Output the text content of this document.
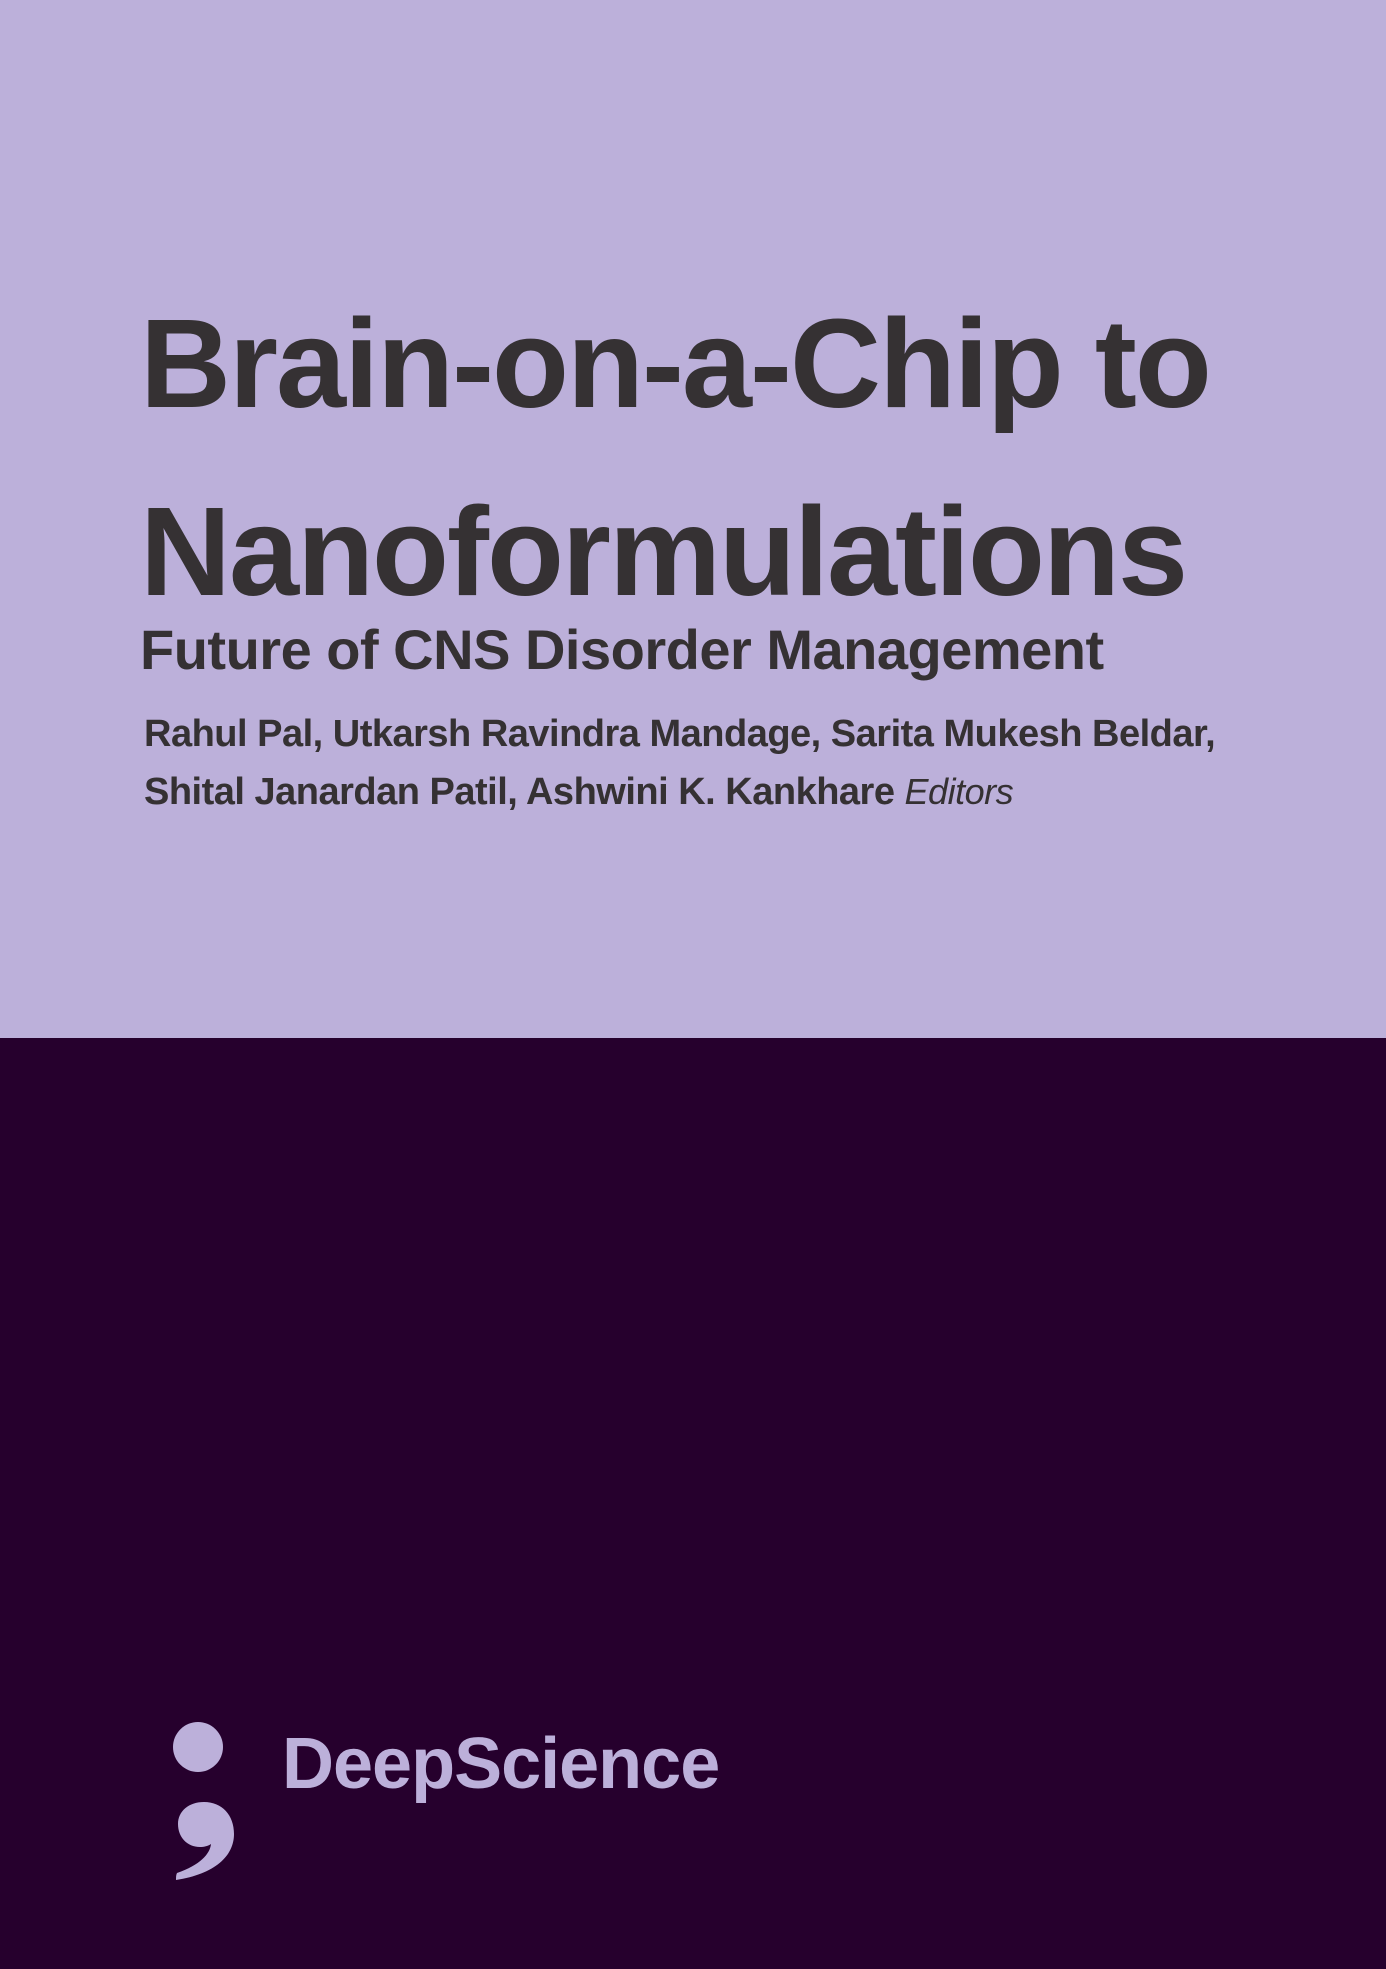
Brain-on-a-Chip to
Nanoformulations
Future of CNS Disorder Management
Rahul Pal, Utkarsh Ravindra Mandage, Sarita Mukesh Beldar,
Shital Janardan Patil, Ashwini K. Kankhare Editors
DeepScience
